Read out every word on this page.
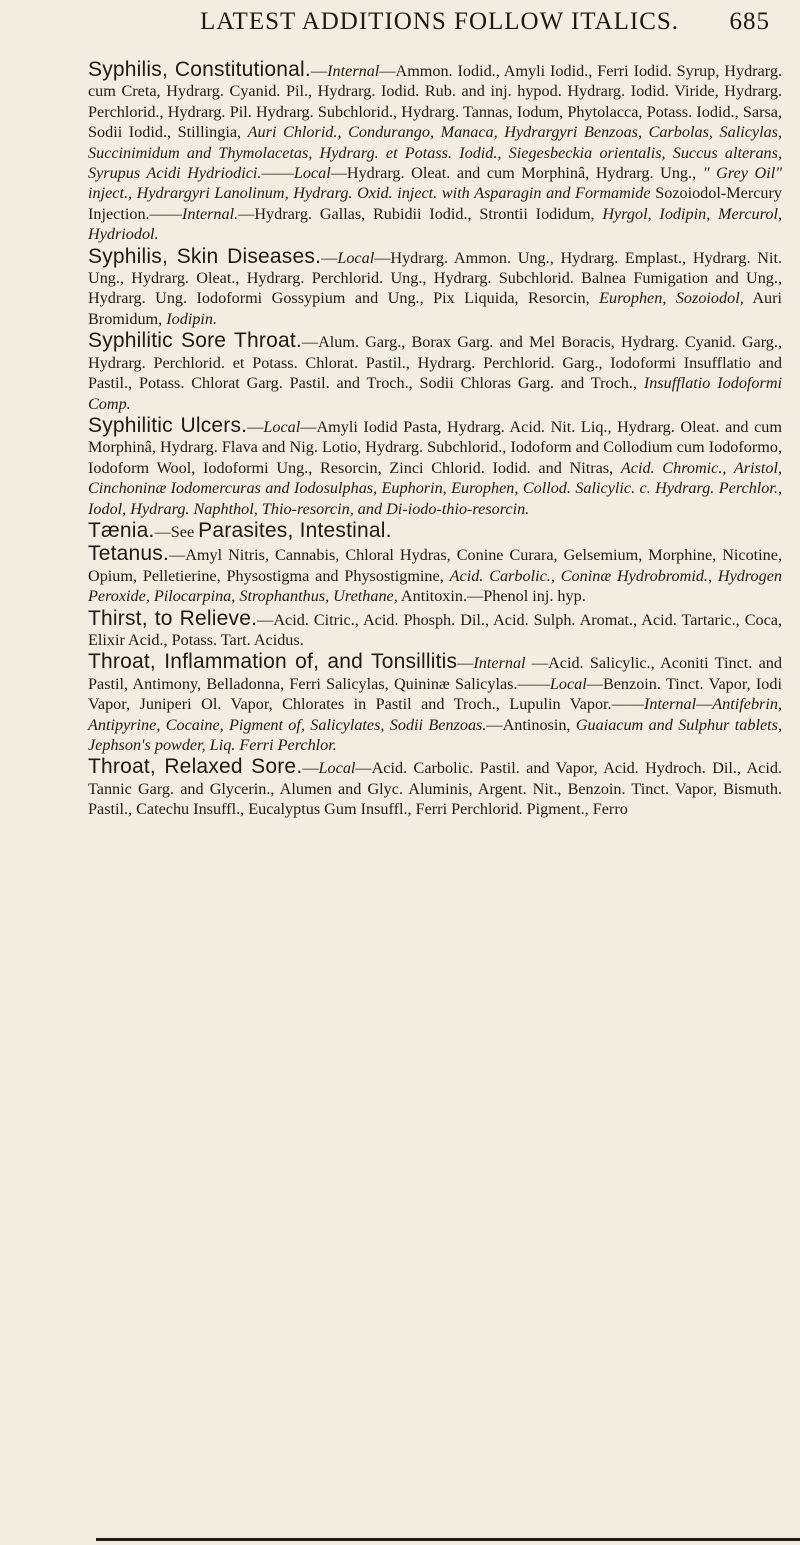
LATEST ADDITIONS FOLLOW ITALICS. 685

Syphilis, Constitutional.—Internal—Ammon. Iodid., Amyli Iodid., Ferri Iodid. Syrup, Hydrarg. cum Creta, Hydrarg. Cyanid. Pil., Hydrarg. Iodid. Rub. and inj. hypod. Hydrarg. Iodid. Viride, Hydrarg. Perchlorid., Hydrarg. Pil. Hydrarg. Subchlorid., Hydrarg. Tannas, Iodum, Phytolacca, Potass. Iodid., Sarsa, Sodii Iodid., Stillingia, Auri Chlorid., Condurango, Manaca, Hydrargyri Benzoas, Carbolas, Salicylas, Succinimidum and Thymolacetas, Hydrarg. et Potass. Iodid., Siegesbeckia orientalis, Succus alterans, Syrupus Acidi Hydriodici.——Local—Hydrarg. Oleat. and cum Morphinâ, Hydrarg. Ung., " Grey Oil" inject., Hydrargyri Lanolinum, Hydrarg. Oxid. inject. with Asparagin and Formamide Sozoiodol-Mercury Injection.——Internal.—Hydrarg. Gallas, Rubidii Iodid., Strontii Iodidum, Hyrgol, Iodipin, Mercurol, Hydriodol.

Syphilis, Skin Diseases.—Local—Hydrarg. Ammon. Ung., Hydrarg. Emplast., Hydrarg. Nit. Ung., Hydrarg. Oleat., Hydrarg. Perchlorid. Ung., Hydrarg. Subchlorid. Balnea Fumigation and Ung., Hydrarg. Ung. Iodoformi Gossypium and Ung., Pix Liquida, Resorcin, Europhen, Sozoiodol, Auri Bromidum, Iodipin.

Syphilitic Sore Throat.—Alum. Garg., Borax Garg. and Mel Boracis, Hydrarg. Cyanid. Garg., Hydrarg. Perchlorid. et Potass. Chlorat. Pastil., Hydrarg. Perchlorid. Garg., Iodoformi Insufflatio and Pastil., Potass. Chlorat Garg. Pastil. and Troch., Sodii Chloras Garg. and Troch., Insufflatio Iodoformi Comp.

Syphilitic Ulcers.—Local—Amyli Iodid Pasta, Hydrarg. Acid. Nit. Liq., Hydrarg. Oleat. and cum Morphinâ, Hydrarg. Flava and Nig. Lotio, Hydrarg. Subchlorid., Iodoform and Collodium cum Iodoformo, Iodoform Wool, Iodoformi Ung., Resorcin, Zinci Chlorid. Iodid. and Nitras, Acid. Chromic., Aristol, Cinchoninæ Iodomercuras and Iodosulphas, Euphorin, Europhen, Collod. Salicylic. c. Hydrarg. Perchlor., Iodol, Hydrarg. Naphthol, Thio-resorcin, and Di-iodo-thio-resorcin.

Tænia.—See Parasites, Intestinal.

Tetanus.—Amyl Nitris, Cannabis, Chloral Hydras, Conine Curara, Gelsemium, Morphine, Nicotine, Opium, Pelletierine, Physostigma and Physostigmine, Acid. Carbolic., Coninæ Hydrobromid., Hydrogen Peroxide, Pilocarpina, Strophanthus, Urethane, Antitoxin.—Phenol inj. hyp.

Thirst, to Relieve.—Acid. Citric., Acid. Phosph. Dil., Acid. Sulph. Aromat., Acid. Tartaric., Coca, Elixir Acid., Potass. Tart. Acidus.

Throat, Inflammation of, and Tonsillitis—Internal —Acid. Salicylic., Aconiti Tinct. and Pastil, Antimony, Belladonna, Ferri Salicylas, Quininæ Salicylas.——Local—Benzoin. Tinct. Vapor, Iodi Vapor, Juniperi Ol. Vapor, Chlorates in Pastil and Troch., Lupulin Vapor.——Internal—Antifebrin, Antipyrine, Cocaine, Pigment of, Salicylates, Sodii Benzoas.—Antinosin, Guaiacum and Sulphur tablets, Jephson's powder, Liq. Ferri Perchlor.

Throat, Relaxed Sore.—Local—Acid. Carbolic. Pastil. and Vapor, Acid. Hydroch. Dil., Acid. Tannic Garg. and Glycerin., Alumen and Glyc. Aluminis, Argent. Nit., Benzoin. Tinct. Vapor, Bismuth. Pastil., Catechu Insuffl., Eucalyptus Gum Insuffl., Ferri Perchlorid. Pigment., Ferro
